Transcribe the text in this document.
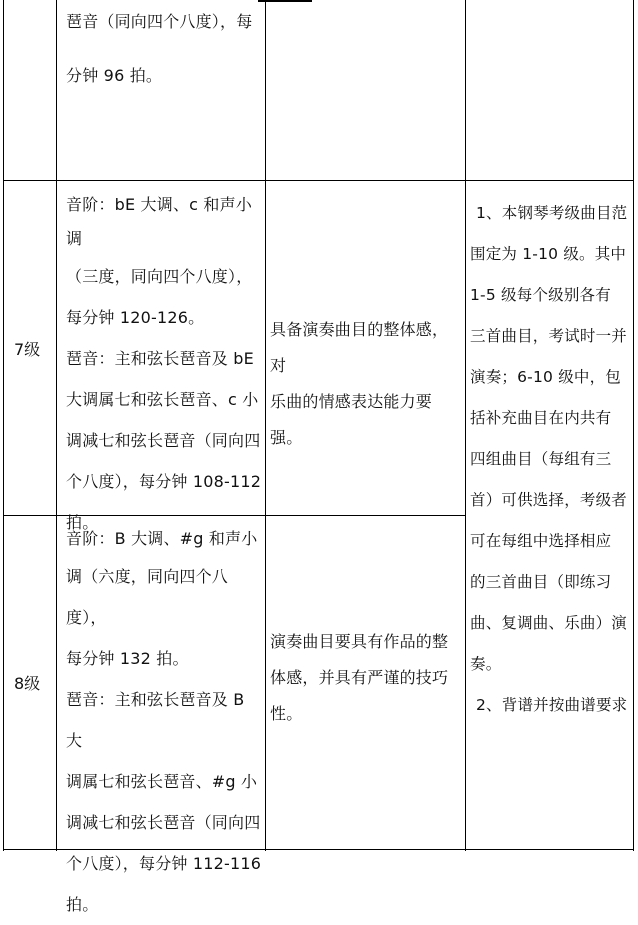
琶音（同向四个八度），每

分钟 96 拍。

7级

音阶：bE 大调、c 和声小调

（三度，同向四个八度），

每分钟 120-126。

琶音：主和弦长琶音及 bE

大调属七和弦长琶音、c 小

调减七和弦长琶音（同向四

个八度），每分钟 108-112

拍。

具备演奏曲目的整体感，对

乐曲的情感表达能力要强。

8级

音阶：B 大调、#g 和声小

调（六度，同向四个八度），

每分钟 132 拍。

琶音：主和弦长琶音及 B 大

调属七和弦长琶音、#g 小

调减七和弦长琶音（同向四

个八度），每分钟 112-116

拍。

演奏曲目要具有作品的整

体感，并具有严谨的技巧

性。

1、本钢琴考级曲目范

围定为 1-10 级。其中

1-5 级每个级别各有

三首曲目，考试时一并

演奏；6-10 级中，包

括补充曲目在内共有

四组曲目（每组有三

首）可供选择，考级者

可在每组中选择相应

的三首曲目（即练习

曲、复调曲、乐曲）演

奏。

2、背谱并按曲谱要求
